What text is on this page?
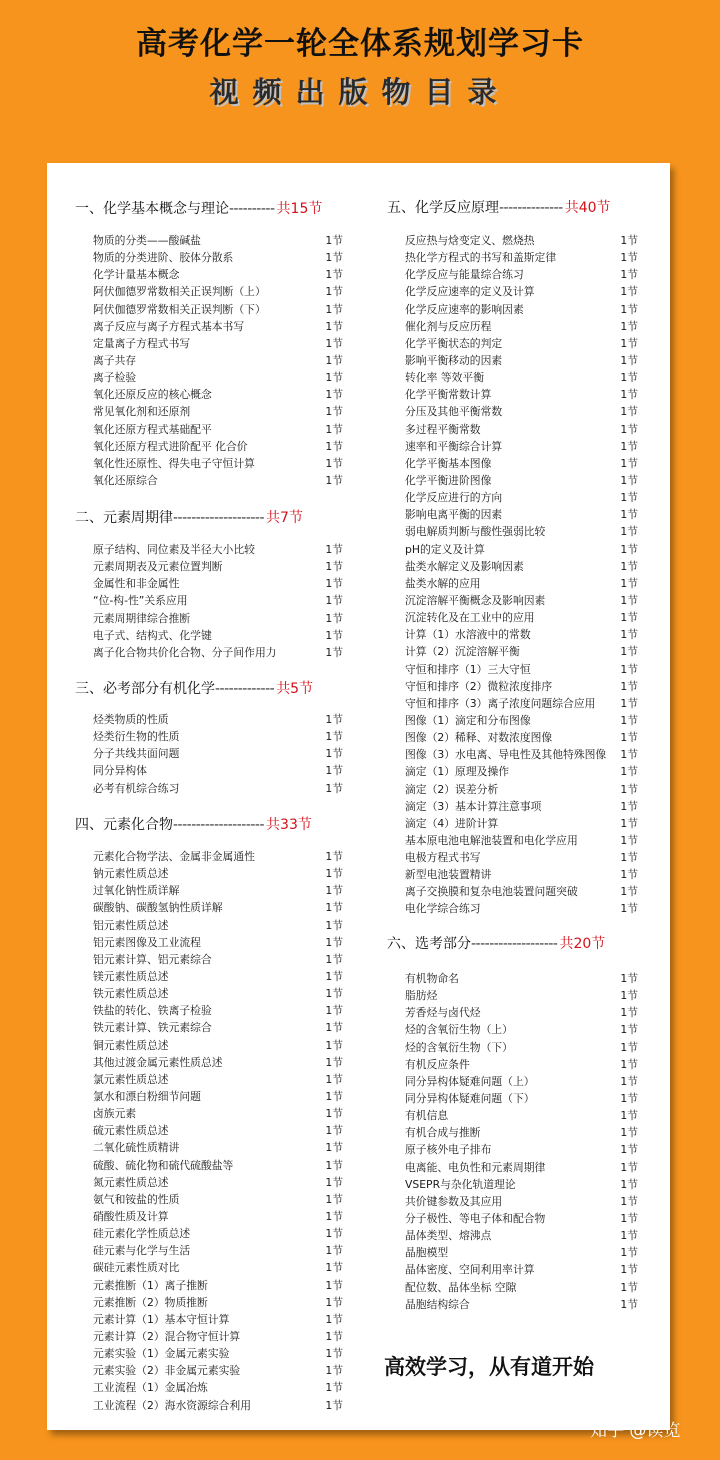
高考化学一轮全体系规划学习卡
视频出版物目录
一、化学基本概念与理论---------- 共15节
物质的分类——酸碱盐	1节
物质的分类进阶、胶体分散系	1节
化学计量基本概念	1节
阿伏伽德罗常数相关正误判断（上）	1节
阿伏伽德罗常数相关正误判断（下）	1节
离子反应与离子方程式基本书写	1节
定量离子方程式书写	1节
离子共存	1节
离子检验	1节
氧化还原反应的核心概念	1节
常见氧化剂和还原剂	1节
氧化还原方程式基础配平	1节
氧化还原方程式进阶配平 化合价	1节
氧化性还原性、得失电子守恒计算	1节
氧化还原综合	1节
二、元素周期律-------------------- 共7节
原子结构、同位素及半径大小比较	1节
元素周期表及元素位置判断	1节
金属性和非金属性	1节
“位-构-性”关系应用	1节
元素周期律综合推断	1节
电子式、结构式、化学键	1节
离子化合物共价化合物、分子间作用力	1节
三、必考部分有机化学------------- 共5节
烃类物质的性质	1节
烃类衍生物的性质	1节
分子共线共面问题	1节
同分异构体	1节
必考有机综合练习	1节
四、元素化合物-------------------- 共33节
元素化合物学法、金属非金属通性	1节
钠元素性质总述	1节
过氧化钠性质详解	1节
碳酸钠、碳酸氢钠性质详解	1节
铝元素性质总述	1节
铝元素图像及工业流程	1节
铝元素计算、铝元素综合	1节
镁元素性质总述	1节
铁元素性质总述	1节
铁盐的转化、铁离子检验	1节
铁元素计算、铁元素综合	1节
铜元素性质总述	1节
其他过渡金属元素性质总述	1节
氯元素性质总述	1节
氯水和漂白粉细节问题	1节
卤族元素	1节
硫元素性质总述	1节
二氧化硫性质精讲	1节
硫酸、硫化物和硫代硫酸盐等	1节
氮元素性质总述	1节
氨气和铵盐的性质	1节
硝酸性质及计算	1节
硅元素化学性质总述	1节
硅元素与化学与生活	1节
碳硅元素性质对比	1节
元素推断（1）离子推断	1节
元素推断（2）物质推断	1节
元素计算（1）基本守恒计算	1节
元素计算（2）混合物守恒计算	1节
元素实验（1）金属元素实验	1节
元素实验（2）非金属元素实验	1节
工业流程（1）金属冶炼	1节
工业流程（2）海水资源综合利用	1节
五、化学反应原理-------------- 共40节
反应热与焓变定义、燃烧热	1节
热化学方程式的书写和盖斯定律	1节
化学反应与能量综合练习	1节
化学反应速率的定义及计算	1节
化学反应速率的影响因素	1节
催化剂与反应历程	1节
化学平衡状态的判定	1节
影响平衡移动的因素	1节
转化率 等效平衡	1节
化学平衡常数计算	1节
分压及其他平衡常数	1节
多过程平衡常数	1节
速率和平衡综合计算	1节
化学平衡基本图像	1节
化学平衡进阶图像	1节
化学反应进行的方向	1节
影响电离平衡的因素	1节
弱电解质判断与酸性强弱比较	1节
pH的定义及计算	1节
盐类水解定义及影响因素	1节
盐类水解的应用	1节
沉淀溶解平衡概念及影响因素	1节
沉淀转化及在工业中的应用	1节
计算（1）水溶液中的常数	1节
计算（2）沉淀溶解平衡	1节
守恒和排序（1）三大守恒	1节
守恒和排序（2）微粒浓度排序	1节
守恒和排序（3）离子浓度问题综合应用 1节
图像（1）滴定和分布图像	1节
图像（2）稀释、对数浓度图像	1节
图像（3）水电离、导电性及其他特殊图像 1节
滴定（1）原理及操作	1节
滴定（2）误差分析	1节
滴定（3）基本计算注意事项	1节
滴定（4）进阶计算	1节
基本原电池电解池装置和电化学应用	1节
电极方程式书写	1节
新型电池装置精讲	1节
离子交换膜和复杂电池装置问题突破	1节
电化学综合练习	1节
六、选考部分------------------- 共20节
有机物命名	1节
脂肪烃	1节
芳香烃与卤代烃	1节
烃的含氧衍生物（上）	1节
烃的含氧衍生物（下）	1节
有机反应条件	1节
同分异构体疑难问题（上）	1节
同分异构体疑难问题（下）	1节
有机信息	1节
有机合成与推断	1节
原子核外电子排布	1节
电离能、电负性和元素周期律	1节
VSEPR与杂化轨道理论	1节
共价键参数及其应用	1节
分子极性、等电子体和配合物	1节
晶体类型、熔沸点	1节
晶胞模型	1节
晶体密度、空间利用率计算	1节
配位数、晶体坐标 空隙	1节
晶胞结构综合	1节
高效学习，从有道开始
知乎 @读览
